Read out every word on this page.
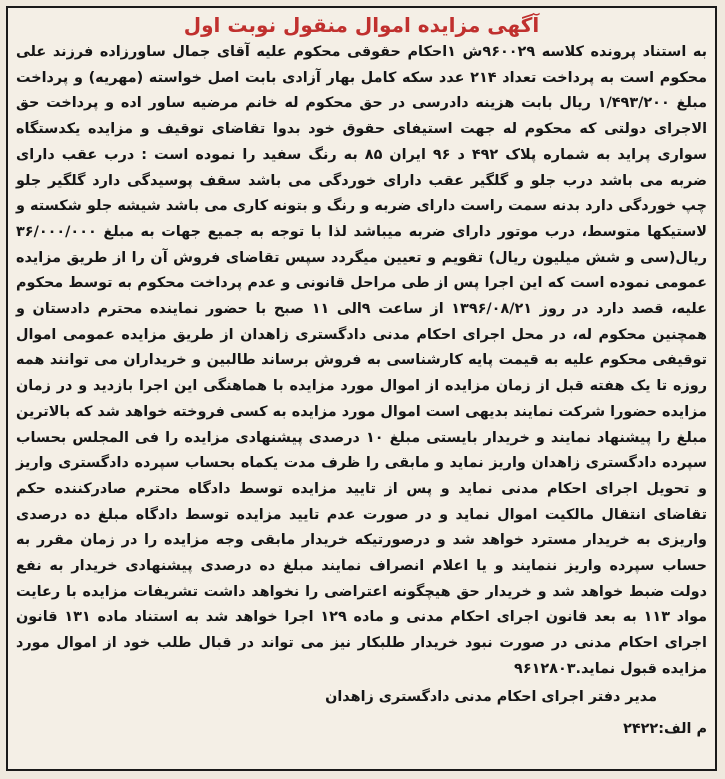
آگهی مزایده اموال منقول نوبت اول

به استناد پرونده کلاسه ۹۶۰۰۲۹ش ۱احکام حقوقی محکوم علیه آقای جمال ساورزاده فرزند علی محکوم است به پرداخت تعداد ۲۱۴ عدد سکه کامل بهار آزادی بابت اصل خواسته (مهریه) و پرداخت مبلغ ۱/۴۹۳/۲۰۰ ریال بابت هزینه دادرسی در حق محکوم له خانم مرضیه ساور اده و پرداخت حق الاجرای دولتی که محکوم له جهت استیفای حقوق خود بدوا تقاضای توقیف و مزایده یکدستگاه سواری پراید به شماره پلاک ۴۹۲ د ۹۶ ایران ۸۵ به رنگ سفید را نموده است : درب عقب دارای ضربه می باشد درب جلو و گلگیر عقب دارای خوردگی می باشد سقف پوسیدگی دارد گلگیر جلو چپ خوردگی دارد بدنه سمت راست دارای ضربه و رنگ و بتونه کاری می باشد شیشه جلو شکسته و لاستیکها متوسط، درب موتور دارای ضربه میباشد لذا با توجه به جمیع جهات به مبلغ ۳۶/۰۰۰/۰۰۰ ریال(سی و شش میلیون ریال) تقویم و تعیین میگردد سپس تقاضای فروش آن را از طریق مزایده عمومی نموده است که این اجرا پس از طی مراحل قانونی و عدم پرداخت محکوم به توسط محکوم علیه، قصد دارد در روز ۱۳۹۶/۰۸/۲۱ از ساعت ۹الی ۱۱ صبح با حضور نماینده محترم دادستان و همچنین محکوم له، در محل اجرای احکام مدنی دادگستری زاهدان از طریق مزایده عمومی اموال توقیفی محکوم علیه به قیمت پایه کارشناسی به فروش برساند طالبین و خریداران می توانند همه روزه تا یک هفته قبل از زمان مزایده از اموال مورد مزایده با هماهنگی این اجرا بازدید و در زمان مزایده حضورا شرکت نمایند بدیهی است اموال مورد مزایده به کسی فروخته خواهد شد که بالاترین مبلغ را پیشنهاد نمایند و خریدار بایستی مبلغ ۱۰ درصدی پیشنهادی مزایده را فی المجلس بحساب سپرده دادگستری زاهدان واریز نماید و مابقی را ظرف مدت یکماه بحساب سپرده دادگستری واریز و تحویل اجرای احکام مدنی نماید و پس از تایید مزایده توسط دادگاه محترم صادرکننده حکم تقاضای انتقال مالکیت اموال نماید و در صورت عدم تایید مزایده توسط دادگاه مبلغ ده درصدی واریزی به خریدار مسترد خواهد شد و درصورتیکه خریدار مابقی وجه مزایده را در زمان مقرر به حساب سپرده واریز ننمایند و یا اعلام انصراف نمایند مبلغ ده درصدی پیشنهادی خریدار به نفع دولت ضبط خواهد شد و خریدار حق هیچگونه اعتراضی را نخواهد داشت تشریفات مزایده با رعایت مواد ۱۱۳ به بعد قانون اجرای احکام مدنی و ماده ۱۲۹ اجرا خواهد شد به استناد ماده ۱۳۱ قانون اجرای احکام مدنی در صورت نبود خریدار طلبکار نیز می تواند در قبال طلب خود از اموال مورد مزایده قبول نماید.۹۶۱۲۸۰۳

مدیر دفتر اجرای احکام مدنی دادگستری زاهدان
م الف:۲۴۲۲
